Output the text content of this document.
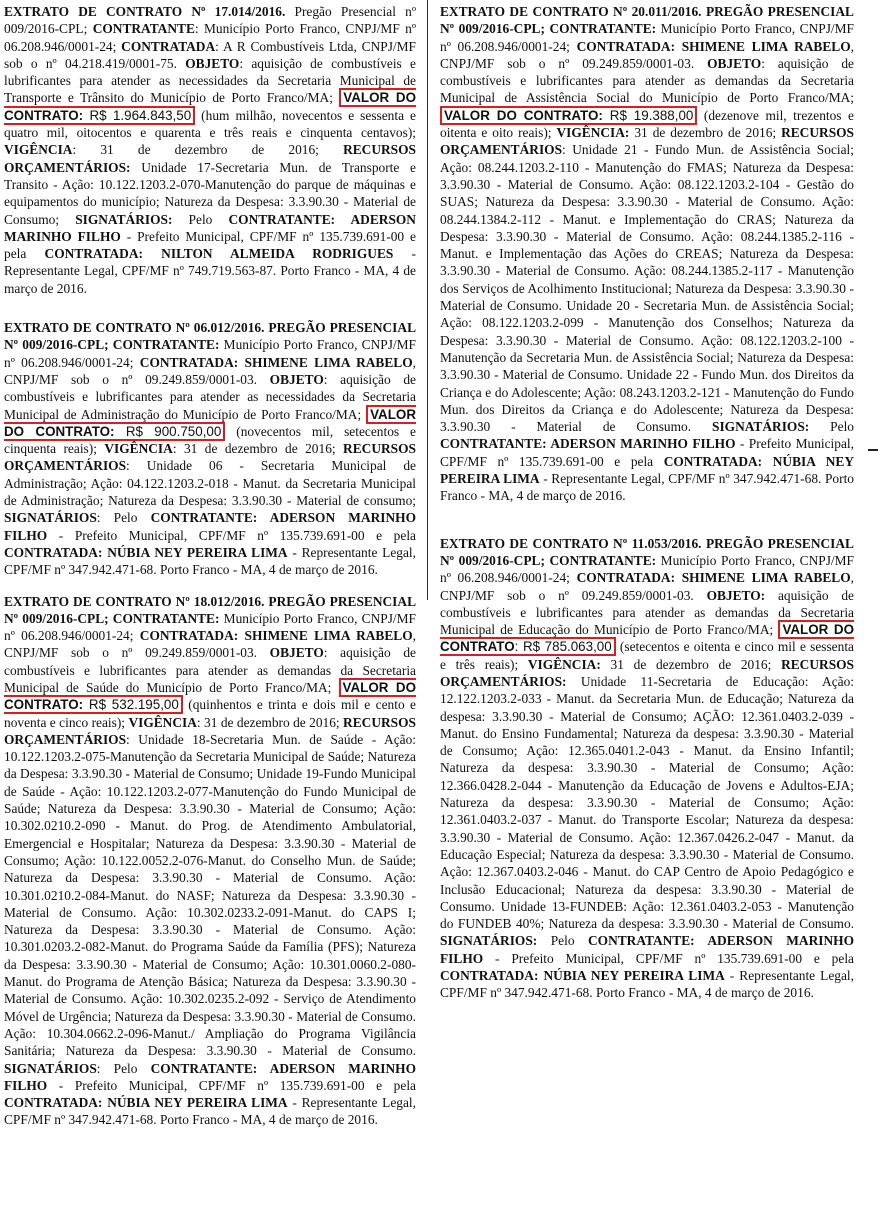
EXTRATO DE CONTRATO Nº 17.014/2016. Pregão Presencial nº 009/2016-CPL; CONTRATANTE: Município Porto Franco, CNPJ/MF nº 06.208.946/0001-24; CONTRATADA: A R Combustíveis Ltda, CNPJ/MF sob o nº 04.218.419/0001-75. OBJETO: aquisição de combustíveis e lubrificantes para atender as necessidades da Secretaria Municipal de Transporte e Trânsito do Município de Porto Franco/MA; VALOR DO CONTRATO: R$ 1.964.843,50 (hum milhão, novecentos e sessenta e quatro mil, oitocentos e quarenta e três reais e cinquenta centavos); VIGÊNCIA: 31 de dezembro de 2016; RECURSOS ORÇAMENTÁRIOS: Unidade 17-Secretaria Mun. de Transporte e Transito - Ação: 10.122.1203.2-070-Manutenção do parque de máquinas e equipamentos do município; Natureza da Despesa: 3.3.90.30 - Material de Consumo; SIGNATÁRIOS: Pelo CONTRATANTE: ADERSON MARINHO FILHO - Prefeito Municipal, CPF/MF nº 135.739.691-00 e pela CONTRATADA: NILTON ALMEIDA RODRIGUES - Representante Legal, CPF/MF nº 749.719.563-87. Porto Franco - MA, 4 de março de 2016.

EXTRATO DE CONTRATO Nº 06.012/2016. PREGÃO PRESENCIAL Nº 009/2016-CPL; CONTRATANTE: Município Porto Franco, CNPJ/MF nº 06.208.946/0001-24; CONTRATADA: SHIMENE LIMA RABELO, CNPJ/MF sob o nº 09.249.859/0001-03. OBJETO: aquisição de combustíveis e lubrificantes para atender as necessidades da Secretaria Municipal de Administração do Município de Porto Franco/MA; VALOR DO CONTRATO: R$ 900.750,00 (novecentos mil, setecentos e cinquenta reais); VIGÊNCIA: 31 de dezembro de 2016; RECURSOS ORÇAMENTÁRIOS: Unidade 06 - Secretaria Municipal de Administração; Ação: 04.122.1203.2-018 - Manut. da Secretaria Municipal de Administração; Natureza da Despesa: 3.3.90.30 - Material de consumo; SIGNATÁRIOS: Pelo CONTRATANTE: ADERSON MARINHO FILHO - Prefeito Municipal, CPF/MF nº 135.739.691-00 e pela CONTRATADA: NÚBIA NEY PEREIRA LIMA - Representante Legal, CPF/MF nº 347.942.471-68. Porto Franco - MA, 4 de março de 2016.

EXTRATO DE CONTRATO Nº 18.012/2016. PREGÃO PRESENCIAL Nº 009/2016-CPL; CONTRATANTE: Município Porto Franco, CNPJ/MF nº 06.208.946/0001-24; CONTRATADA: SHIMENE LIMA RABELO, CNPJ/MF sob o nº 09.249.859/0001-03. OBJETO: aquisição de combustíveis e lubrificantes para atender as demandas da Secretaria Municipal de Saúde do Município de Porto Franco/MA; VALOR DO CONTRATO: R$ 532.195,00 (quinhentos e trinta e dois mil e cento e noventa e cinco reais); VIGÊNCIA: 31 de dezembro de 2016; RECURSOS ORÇAMENTÁRIOS: Unidade 18-Secretaria Mun. de Saúde - Ação: 10.122.1203.2-075-Manutenção da Secretaria Municipal de Saúde; Natureza da Despesa: 3.3.90.30 - Material de Consumo; Unidade 19-Fundo Municipal de Saúde - Ação: 10.122.1203.2-077-Manutenção do Fundo Municipal de Saúde; Natureza da Despesa: 3.3.90.30 - Material de Consumo; Ação: 10.302.0210.2-090 - Manut. do Prog. de Atendimento Ambulatorial, Emergencial e Hospitalar; Natureza da Despesa: 3.3.90.30 - Material de Consumo; Ação: 10.122.0052.2-076-Manut. do Conselho Mun. de Saúde; Natureza da Despesa: 3.3.90.30 - Material de Consumo. Ação: 10.301.0210.2-084-Manut. do NASF; Natureza da Despesa: 3.3.90.30 - Material de Consumo. Ação: 10.302.0233.2-091-Manut. do CAPS I; Natureza da Despesa: 3.3.90.30 - Material de Consumo. Ação: 10.301.0203.2-082-Manut. do Programa Saúde da Família (PFS); Natureza da Despesa: 3.3.90.30 - Material de Consumo; Ação: 10.301.0060.2-080-Manut. do Programa de Atenção Básica; Natureza da Despesa: 3.3.90.30 - Material de Consumo. Ação: 10.302.0235.2-092 - Serviço de Atendimento Móvel de Urgência; Natureza da Despesa: 3.3.90.30 - Material de Consumo. Ação: 10.304.0662.2-096-Manut./ Ampliação do Programa Vigilância Sanitária; Natureza da Despesa: 3.3.90.30 - Material de Consumo. SIGNATÁRIOS: Pelo CONTRATANTE: ADERSON MARINHO FILHO - Prefeito Municipal, CPF/MF nº 135.739.691-00 e pela CONTRATADA: NÚBIA NEY PEREIRA LIMA - Representante Legal, CPF/MF nº 347.942.471-68. Porto Franco - MA, 4 de março de 2016.

EXTRATO DE CONTRATO Nº 20.011/2016. PREGÃO PRESENCIAL Nº 009/2016-CPL; CONTRATANTE: Município Porto Franco, CNPJ/MF nº 06.208.946/0001-24; CONTRATADA: SHIMENE LIMA RABELO, CNPJ/MF sob o nº 09.249.859/0001-03. OBJETO: aquisição de combustíveis e lubrificantes para atender as demandas da Secretaria Municipal de Assistência Social do Município de Porto Franco/MA; VALOR DO CONTRATO: R$ 19.388,00 (dezenove mil, trezentos e oitenta e oito reais); VIGÊNCIA: 31 de dezembro de 2016; RECURSOS ORÇAMENTÁRIOS: Unidade 21 - Fundo Mun. de Assistência Social; Ação: 08.244.1203.2-110 - Manutenção do FMAS; Natureza da Despesa: 3.3.90.30 - Material de Consumo. Ação: 08.122.1203.2-104 - Gestão do SUAS; Natureza da Despesa: 3.3.90.30 - Material de Consumo. Ação: 08.244.1384.2-112 - Manut. e Implementação do CRAS; Natureza da Despesa: 3.3.90.30 - Material de Consumo. Ação: 08.244.1385.2-116 - Manut. e Implementação das Ações do CREAS; Natureza da Despesa: 3.3.90.30 - Material de Consumo. Ação: 08.244.1385.2-117 - Manutenção dos Serviços de Acolhimento Institucional; Natureza da Despesa: 3.3.90.30 - Material de Consumo. Unidade 20 - Secretaria Mun. de Assistência Social; Ação: 08.122.1203.2-099 - Manutenção dos Conselhos; Natureza da Despesa: 3.3.90.30 - Material de Consumo. Ação: 08.122.1203.2-100 - Manutenção da Secretaria Mun. de Assistência Social; Natureza da Despesa: 3.3.90.30 - Material de Consumo. Unidade 22 - Fundo Mun. dos Direitos da Criança e do Adolescente; Ação: 08.243.1203.2-121 - Manutenção do Fundo Mun. dos Direitos da Criança e do Adolescente; Natureza da Despesa: 3.3.90.30 - Material de Consumo. SIGNATÁRIOS: Pelo CONTRATANTE: ADERSON MARINHO FILHO - Prefeito Municipal, CPF/MF nº 135.739.691-00 e pela CONTRATADA: NÚBIA NEY PEREIRA LIMA - Representante Legal, CPF/MF nº 347.942.471-68. Porto Franco - MA, 4 de março de 2016.

EXTRATO DE CONTRATO Nº 11.053/2016. PREGÃO PRESENCIAL Nº 009/2016-CPL; CONTRATANTE: Município Porto Franco, CNPJ/MF nº 06.208.946/0001-24; CONTRATADA: SHIMENE LIMA RABELO, CNPJ/MF sob o nº 09.249.859/0001-03. OBJETO: aquisição de combustíveis e lubrificantes para atender as demandas da Secretaria Municipal de Educação do Município de Porto Franco/MA; VALOR DO CONTRATO: R$ 785.063,00 (setecentos e oitenta e cinco mil e sessenta e três reais); VIGÊNCIA: 31 de dezembro de 2016; RECURSOS ORÇAMENTÁRIOS: Unidade 11-Secretaria de Educação: Ação: 12.122.1203.2-033 - Manut. da Secretaria Mun. de Educação; Natureza da despesa: 3.3.90.30 - Material de Consumo; AÇÃO: 12.361.0403.2-039 - Manut. do Ensino Fundamental; Natureza da despesa: 3.3.90.30 - Material de Consumo; Ação: 12.365.0401.2-043 - Manut. da Ensino Infantil; Natureza da despesa: 3.3.90.30 - Material de Consumo; Ação: 12.366.0428.2-044 - Manutenção da Educação de Jovens e Adultos-EJA; Natureza da despesa: 3.3.90.30 - Material de Consumo; Ação: 12.361.0403.2-037 - Manut. do Transporte Escolar; Natureza da despesa: 3.3.90.30 - Material de Consumo. Ação: 12.367.0426.2-047 - Manut. da Educação Especial; Natureza da despesa: 3.3.90.30 - Material de Consumo. Ação: 12.367.0403.2-046 - Manut. do CAP Centro de Apoio Pedagógico e Inclusão Educacional; Natureza da despesa: 3.3.90.30 - Material de Consumo. Unidade 13-FUNDEB: Ação: 12.361.0403.2-053 - Manutenção do FUNDEB 40%; Natureza da despesa: 3.3.90.30 - Material de Consumo. SIGNATÁRIOS: Pelo CONTRATANTE: ADERSON MARINHO FILHO - Prefeito Municipal, CPF/MF nº 135.739.691-00 e pela CONTRATADA: NÚBIA NEY PEREIRA LIMA - Representante Legal, CPF/MF nº 347.942.471-68. Porto Franco - MA, 4 de março de 2016.
